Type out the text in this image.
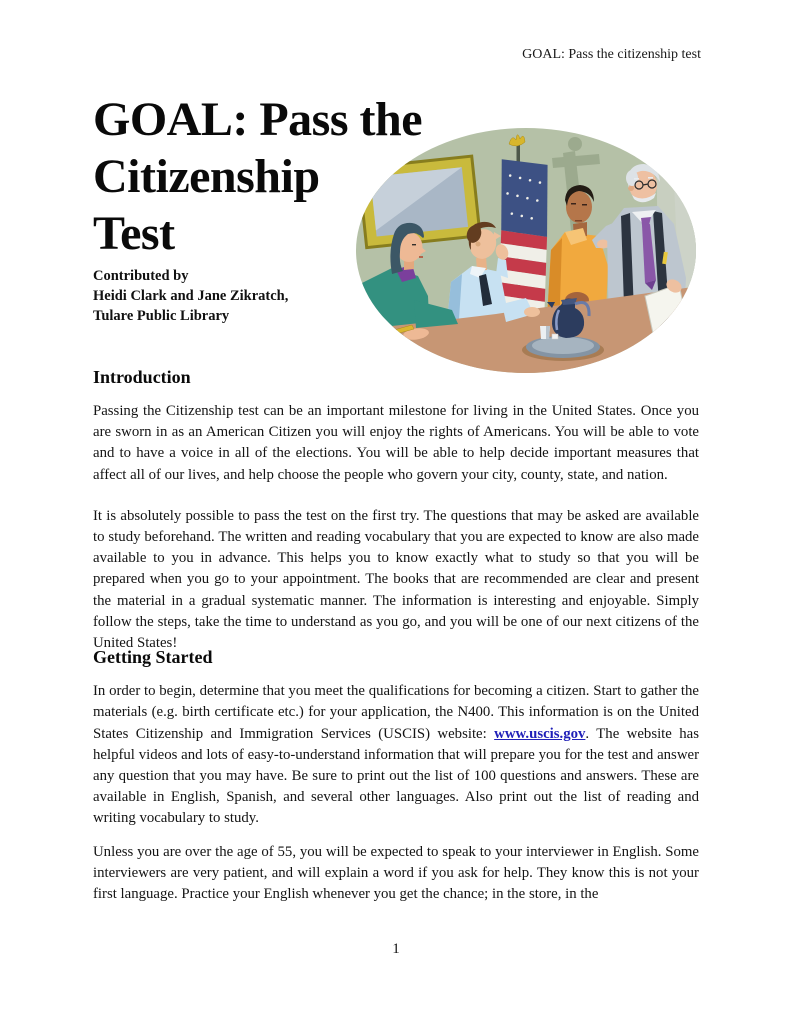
GOAL: Pass the citizenship test
GOAL: Pass the
Citizenship
Test
Contributed by
Heidi Clark and Jane Zikratch,
Tulare Public Library
Introduction

Passing the Citizenship test can be an important milestone for living in the United States. Once you are sworn in as an American Citizen you will enjoy the rights of Americans. You will be able to vote and to have a voice in all of the elections. You will be able to help decide important measures that affect all of our lives, and help choose the people who govern your city, county, state, and nation.

It is absolutely possible to pass the test on the first try. The questions that may be asked are available to study beforehand. The written and reading vocabulary that you are expected to know are also made available to you in advance. This helps you to know exactly what to study so that you will be prepared when you go to your appointment. The books that are recommended are clear and present the material in a gradual systematic manner. The information is interesting and enjoyable. Simply follow the steps, take the time to understand as you go, and you will be one of our next citizens of the United States!

Getting Started

In order to begin, determine that you meet the qualifications for becoming a citizen. Start to gather the materials (e.g. birth certificate etc.) for your application, the N400. This information is on the United States Citizenship and Immigration Services (USCIS) website: www.uscis.gov. The website has helpful videos and lots of easy-to-understand information that will prepare you for the test and answer any question that you may have. Be sure to print out the list of 100 questions and answers. These are available in English, Spanish, and several other languages. Also print out the list of reading and writing vocabulary to study.

Unless you are over the age of 55, you will be expected to speak to your interviewer in English. Some interviewers are very patient, and will explain a word if you ask for help. They know this is not your first language. Practice your English whenever you get the chance; in the store, in the

1
